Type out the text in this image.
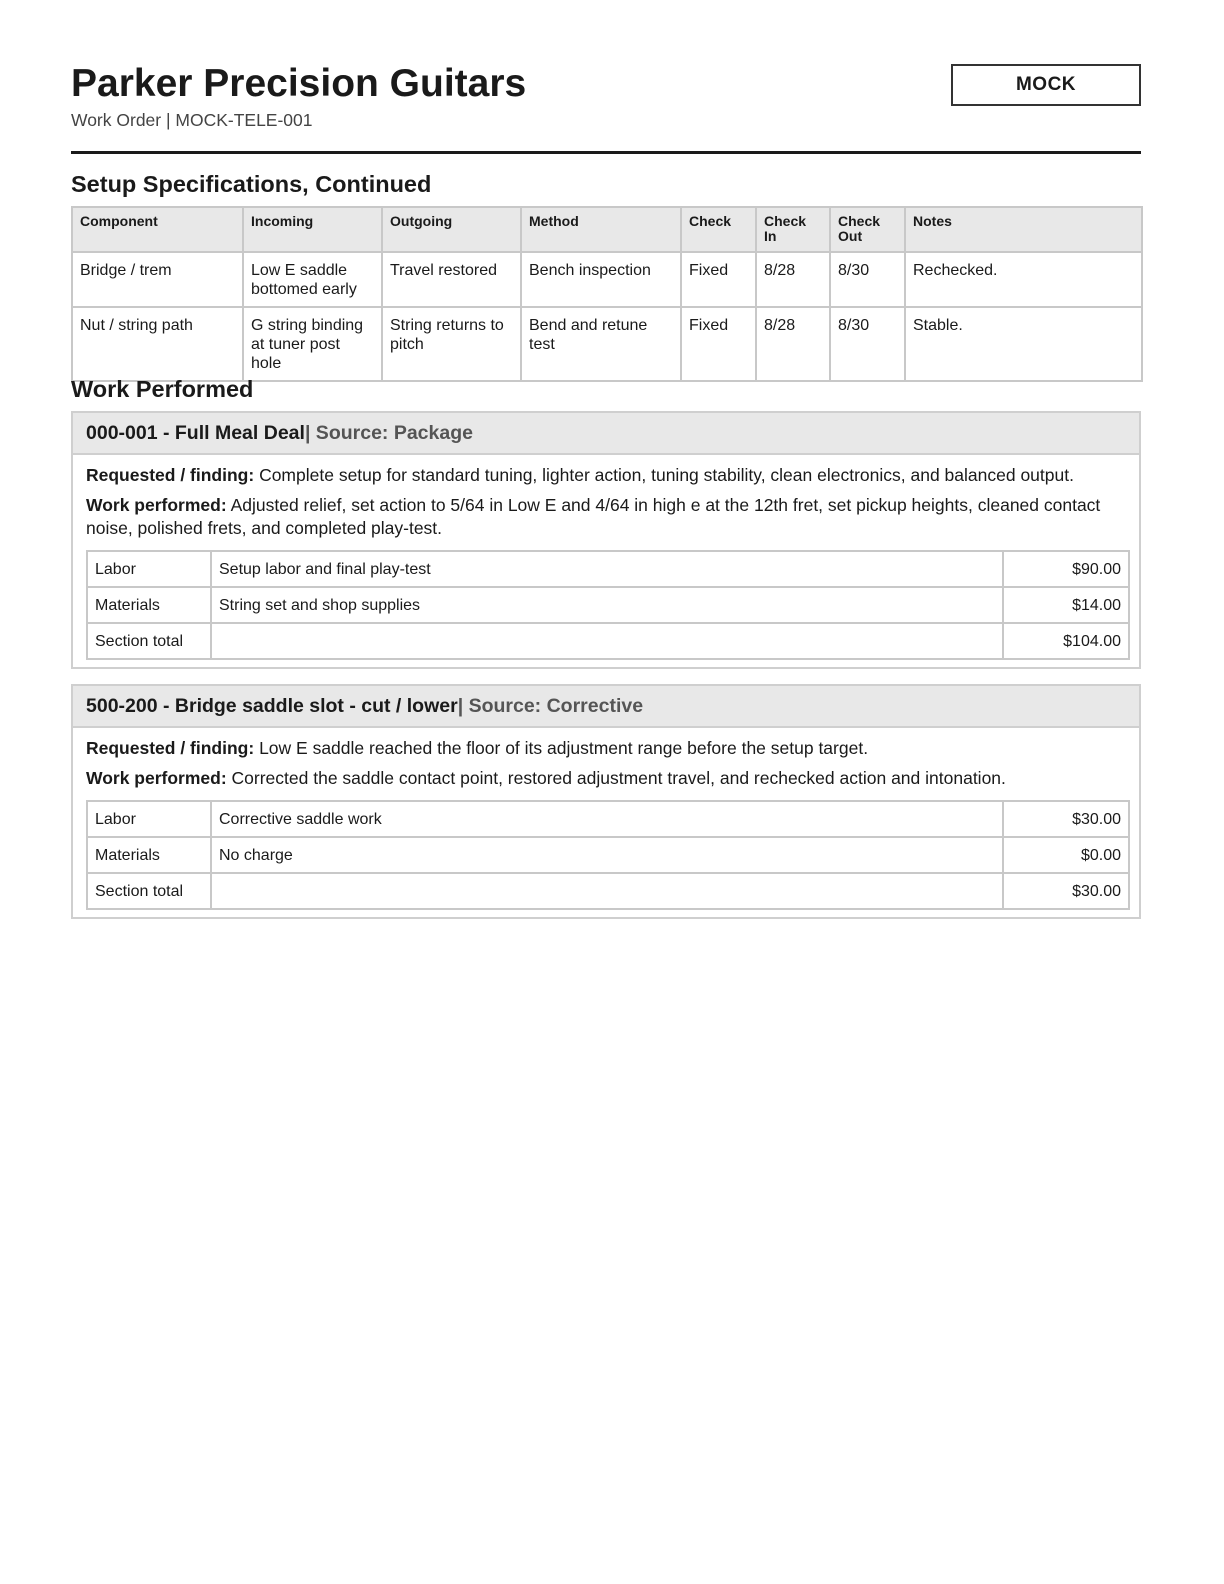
Parker Precision Guitars
Work Order | MOCK-TELE-001
MOCK
Setup Specifications, Continued
Component	Incoming	Outgoing	Method	Check	Check In	Check Out	Notes
Bridge / trem	Low E saddle bottomed early	Travel restored	Bench inspection	Fixed	8/28	8/30	Rechecked.
Nut / string path	G string binding at tuner post hole	String returns to pitch	Bend and retune test	Fixed	8/28	8/30	Stable.
Work Performed
000-001 - Full Meal Deal | Source: Package

Requested / finding: Complete setup for standard tuning, lighter action, tuning stability, clean electronics, and balanced output.

Work performed: Adjusted relief, set action to 5/64 in Low E and 4/64 in high e at the 12th fret, set pickup heights, cleaned contact noise, polished frets, and completed play-test.

Labor	Setup labor and final play-test	$90.00
Materials	String set and shop supplies	$14.00
Section total		$104.00
500-200 - Bridge saddle slot - cut / lower | Source: Corrective

Requested / finding: Low E saddle reached the floor of its adjustment range before the setup target.

Work performed: Corrected the saddle contact point, restored adjustment travel, and rechecked action and intonation.

Labor	Corrective saddle work	$30.00
Materials	No charge	$0.00
Section total		$30.00
